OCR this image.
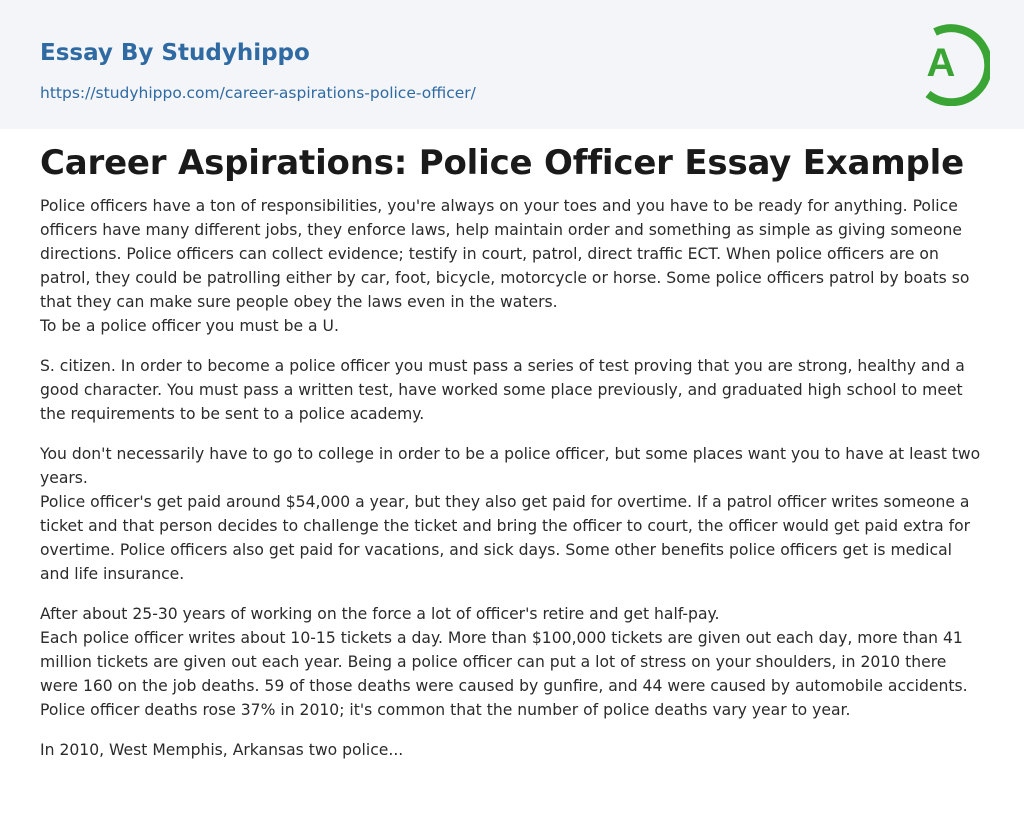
Essay By Studyhippo
https://studyhippo.com/career-aspirations-police-officer/
A
Career Aspirations: Police Officer Essay Example

Police officers have a ton of responsibilities, you're always on your toes and you have to be ready for anything. Police officers have many different jobs, they enforce laws, help maintain order and something as simple as giving someone directions. Police officers can collect evidence; testify in court, patrol, direct traffic ECT. When police officers are on patrol, they could be patrolling either by car, foot, bicycle, motorcycle or horse. Some police officers patrol by boats so that they can make sure people obey the laws even in the waters.
To be a police officer you must be a U.

S. citizen. In order to become a police officer you must pass a series of test proving that you are strong, healthy and a good character. You must pass a written test, have worked some place previously, and graduated high school to meet the requirements to be sent to a police academy.

You don't necessarily have to go to college in order to be a police officer, but some places want you to have at least two years.
Police officer's get paid around $54,000 a year, but they also get paid for overtime. If a patrol officer writes someone a ticket and that person decides to challenge the ticket and bring the officer to court, the officer would get paid extra for overtime. Police officers also get paid for vacations, and sick days. Some other benefits police officers get is medical and life insurance.

After about 25-30 years of working on the force a lot of officer's retire and get half-pay.
Each police officer writes about 10-15 tickets a day. More than $100,000 tickets are given out each day, more than 41 million tickets are given out each year. Being a police officer can put a lot of stress on your shoulders, in 2010 there were 160 on the job deaths. 59 of those deaths were caused by gunfire, and 44 were caused by automobile accidents. Police officer deaths rose 37% in 2010; it's common that the number of police deaths vary year to year.

In 2010, West Memphis, Arkansas two police...
